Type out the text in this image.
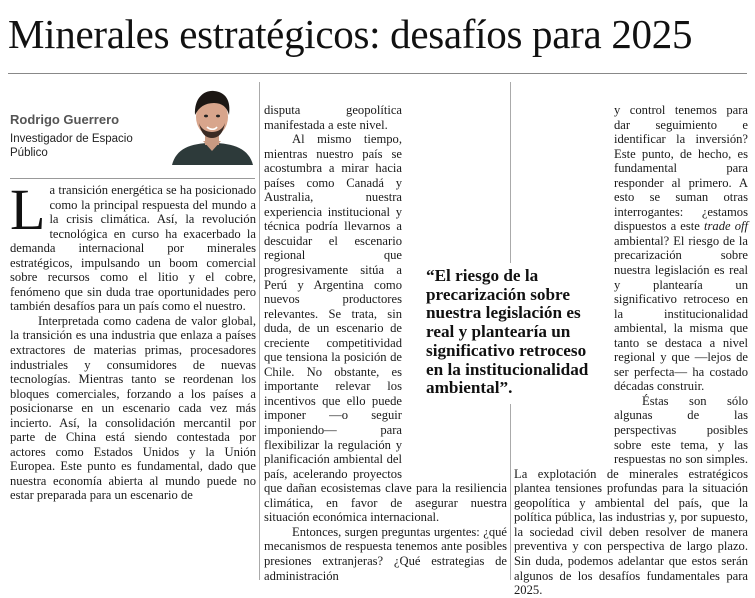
Minerales estratégicos: desafíos para 2025
Rodrigo Guerrero
Investigador de Espacio Público

La transición energética se ha posicionado como la principal respuesta del mundo a la crisis climática. Así, la revolución tecnológica en curso ha exacerbado la demanda internacional por minerales estratégicos, impulsando un boom comercial sobre recursos como el litio y el cobre, fenómeno que sin duda trae oportunidades pero también desafíos para un país como el nuestro.

Interpretada como cadena de valor global, la transición es una industria que enlaza a países extractores de materias primas, procesadores industriales y consumidores de nuevas tecnologías. Mientras tanto se reordenan los bloques comerciales, forzando a los países a posicionarse en un escenario cada vez más incierto. Así, la consolidación mercantil por parte de China está siendo contestada por actores como Estados Unidos y la Unión Europea. Este punto es fundamental, dado que nuestra economía abierta al mundo puede no estar preparada para un escenario de

disputa geopolítica manifestada a este nivel.

Al mismo tiempo, mientras nuestro país se acostumbra a mirar hacia países como Canadá y Australia, nuestra experiencia institucional y técnica podría llevarnos a descuidar el escenario regional que progresivamente sitúa a Perú y Argentina como nuevos productores relevantes. Se trata, sin duda, de un escenario de creciente competitividad que tensiona la posición de Chile. No obstante, es importante relevar los incentivos que ello puede imponer —o seguir imponiendo— para flexibilizar la regulación y planificación ambiental del país, acelerando proyectos que dañan ecosistemas clave para la resiliencia climática, en favor de asegurar nuestra situación económica internacional.

Entonces, surgen preguntas urgentes: ¿qué mecanismos de respuesta tenemos ante posibles presiones extranjeras? ¿Qué estrategias de administración

y control tenemos para dar seguimiento e identificar la inversión? Este punto, de hecho, es fundamental para responder al primero. A esto se suman otras interrogantes: ¿estamos dispuestos a este trade off ambiental? El riesgo de la precarización sobre nuestra legislación es real y plantearía un significativo retroceso en la institucionalidad ambiental, la misma que tanto se destaca a nivel regional y que —lejos de ser perfecta— ha costado décadas construir.

Éstas son sólo algunas de las perspectivas posibles sobre este tema, y las respuestas no son simples. La explotación de minerales estratégicos plantea tensiones profundas para la situación geopolítica y ambiental del país, que la política pública, las industrias y, por supuesto, la sociedad civil deben resolver de manera preventiva y con perspectiva de largo plazo. Sin duda, podemos adelantar que estos serán algunos de los desafíos fundamentales para 2025.

“El riesgo de la precarización sobre nuestra legislación es real y plantearía un significativo retroceso en la institucionalidad ambiental”.
